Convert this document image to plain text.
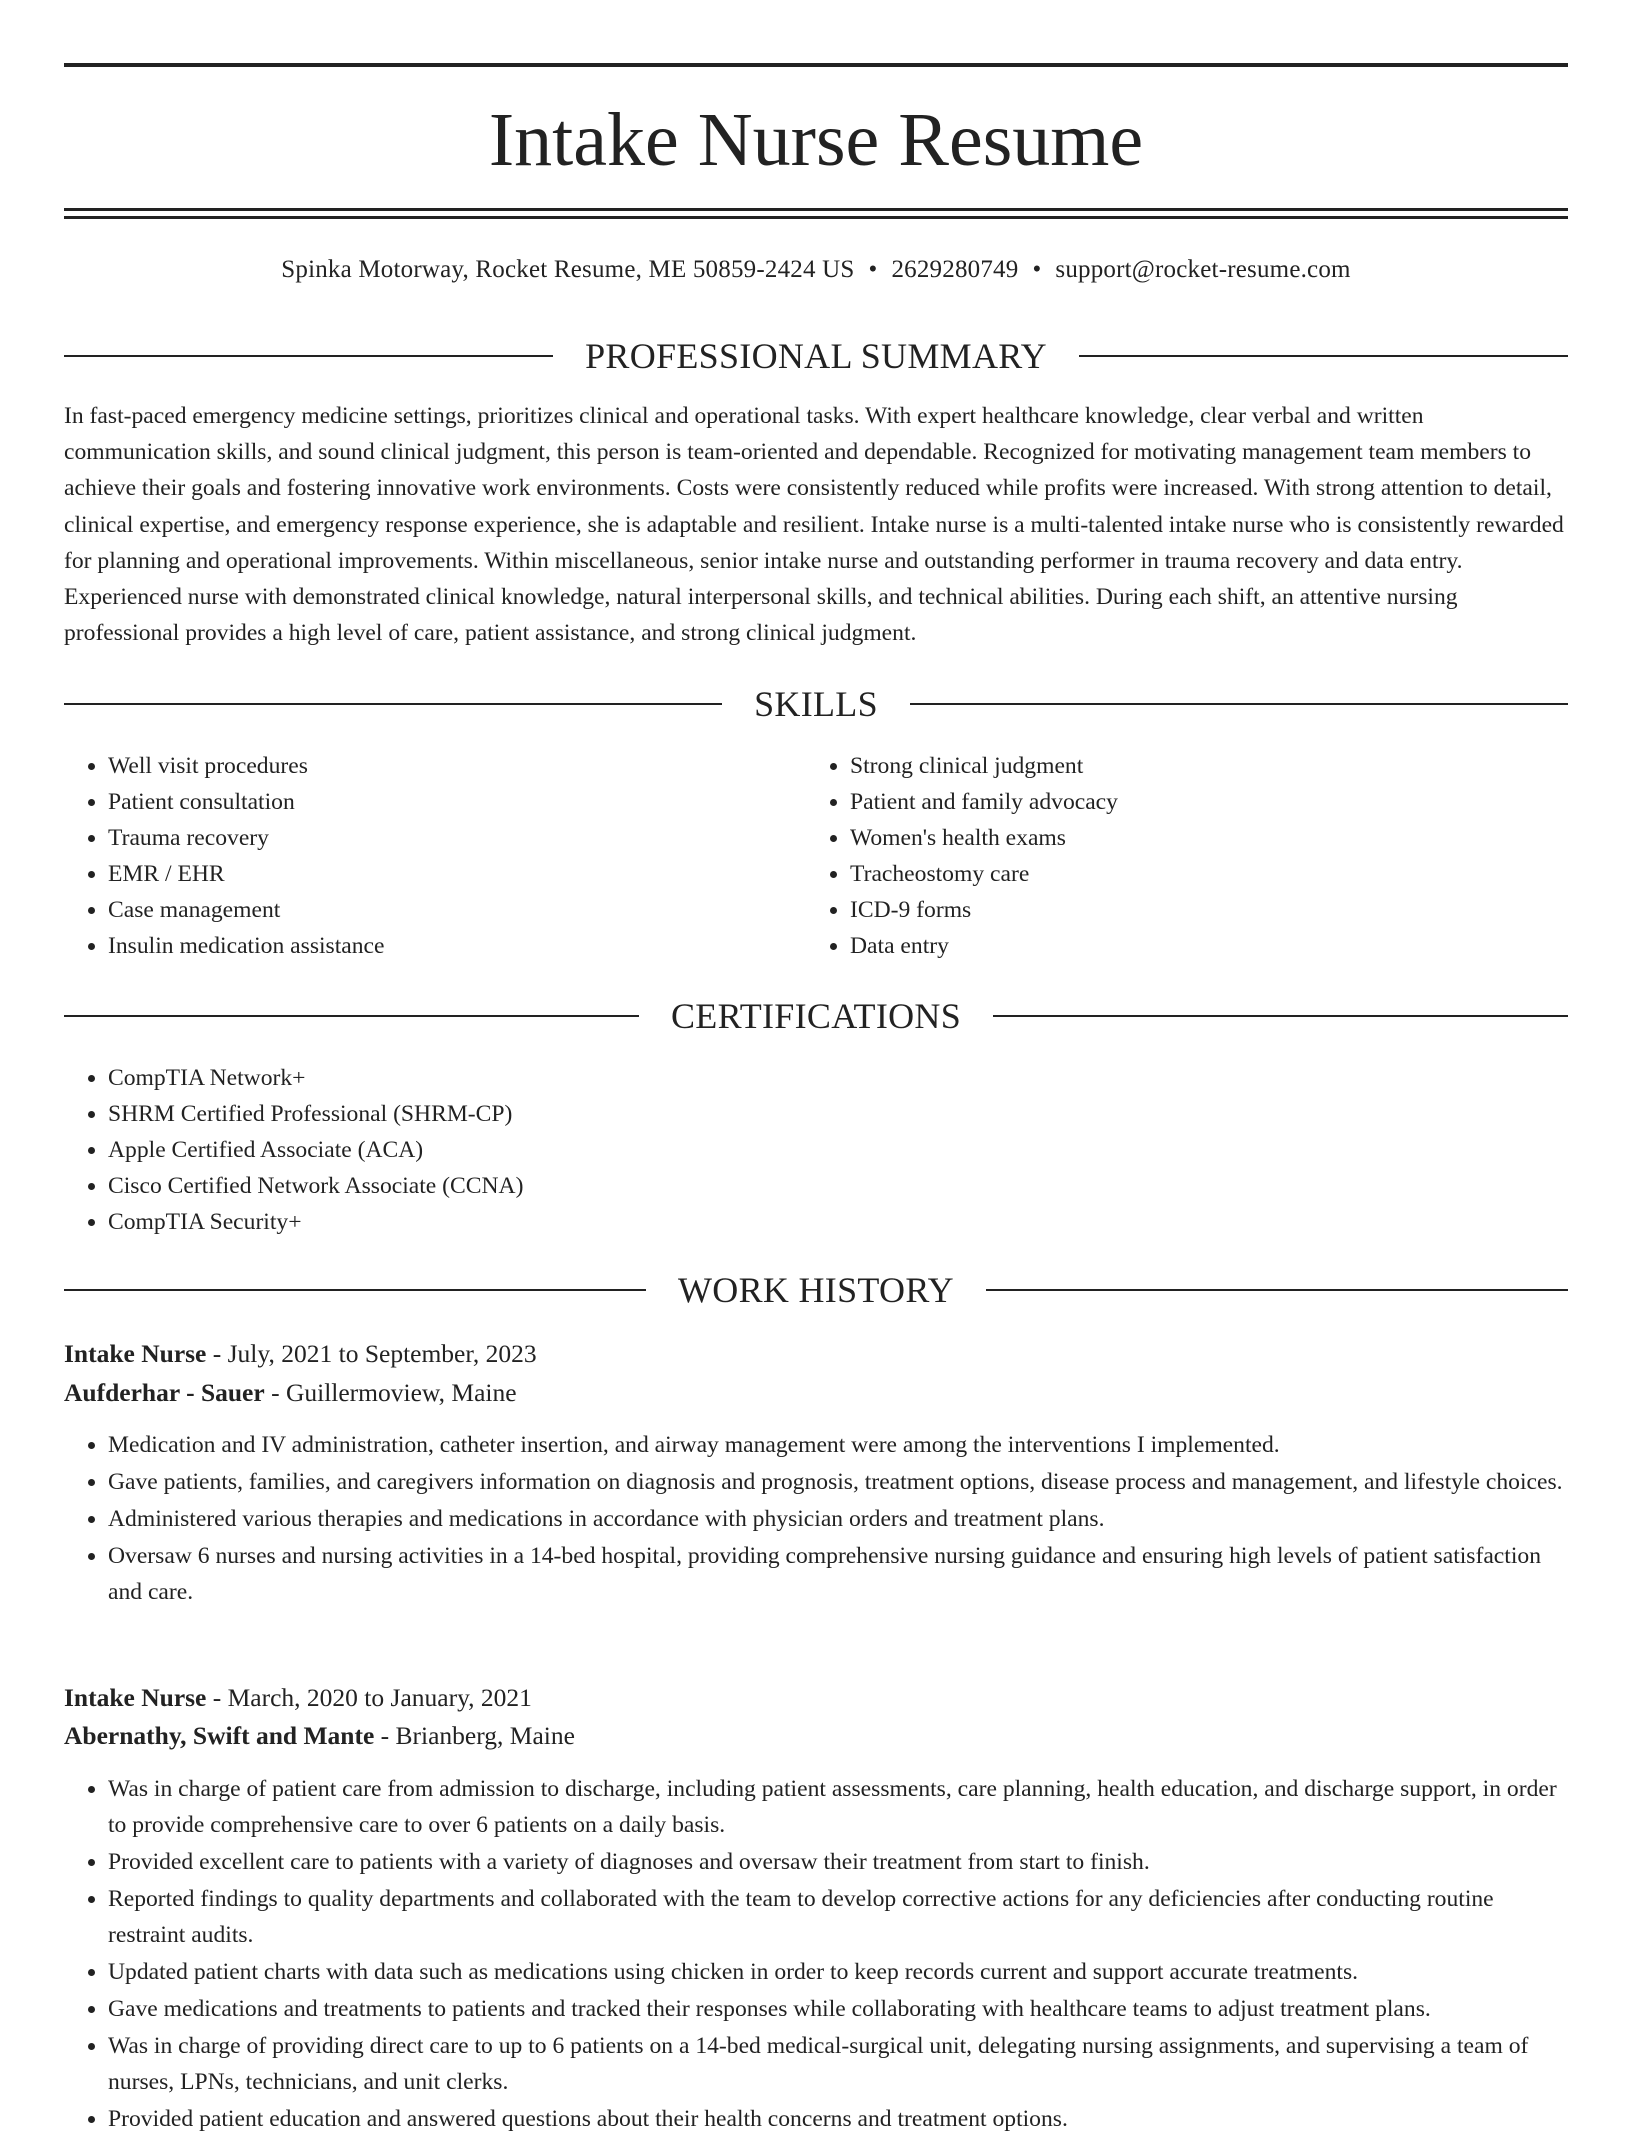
Intake Nurse Resume
Spinka Motorway, Rocket Resume, ME 50859-2424 US • 2629280749 • support@rocket-resume.com
PROFESSIONAL SUMMARY

In fast-paced emergency medicine settings, prioritizes clinical and operational tasks. With expert healthcare knowledge, clear verbal and written communication skills, and sound clinical judgment, this person is team-oriented and dependable. Recognized for motivating management team members to achieve their goals and fostering innovative work environments. Costs were consistently reduced while profits were increased. With strong attention to detail, clinical expertise, and emergency response experience, she is adaptable and resilient. Intake nurse is a multi-talented intake nurse who is consistently rewarded for planning and operational improvements. Within miscellaneous, senior intake nurse and outstanding performer in trauma recovery and data entry. Experienced nurse with demonstrated clinical knowledge, natural interpersonal skills, and technical abilities. During each shift, an attentive nursing professional provides a high level of care, patient assistance, and strong clinical judgment.

SKILLS
• Well visit procedures
• Patient consultation
• Trauma recovery
• EMR / EHR
• Case management
• Insulin medication assistance
• Strong clinical judgment
• Patient and family advocacy
• Women's health exams
• Tracheostomy care
• ICD-9 forms
• Data entry
CERTIFICATIONS
• CompTIA Network+
• SHRM Certified Professional (SHRM-CP)
• Apple Certified Associate (ACA)
• Cisco Certified Network Associate (CCNA)
• CompTIA Security+
WORK HISTORY
Intake Nurse - July, 2021 to September, 2023
Aufderhar - Sauer - Guillermoview, Maine
• Medication and IV administration, catheter insertion, and airway management were among the interventions I implemented.
• Gave patients, families, and caregivers information on diagnosis and prognosis, treatment options, disease process and management, and lifestyle choices.
• Administered various therapies and medications in accordance with physician orders and treatment plans.
• Oversaw 6 nurses and nursing activities in a 14-bed hospital, providing comprehensive nursing guidance and ensuring high levels of patient satisfaction and care.
Intake Nurse - March, 2020 to January, 2021
Abernathy, Swift and Mante - Brianberg, Maine
• Was in charge of patient care from admission to discharge, including patient assessments, care planning, health education, and discharge support, in order to provide comprehensive care to over 6 patients on a daily basis.
• Provided excellent care to patients with a variety of diagnoses and oversaw their treatment from start to finish.
• Reported findings to quality departments and collaborated with the team to develop corrective actions for any deficiencies after conducting routine restraint audits.
• Updated patient charts with data such as medications using chicken in order to keep records current and support accurate treatments.
• Gave medications and treatments to patients and tracked their responses while collaborating with healthcare teams to adjust treatment plans.
• Was in charge of providing direct care to up to 6 patients on a 14-bed medical-surgical unit, delegating nursing assignments, and supervising a team of nurses, LPNs, technicians, and unit clerks.
• Provided patient education and answered questions about their health concerns and treatment options.
